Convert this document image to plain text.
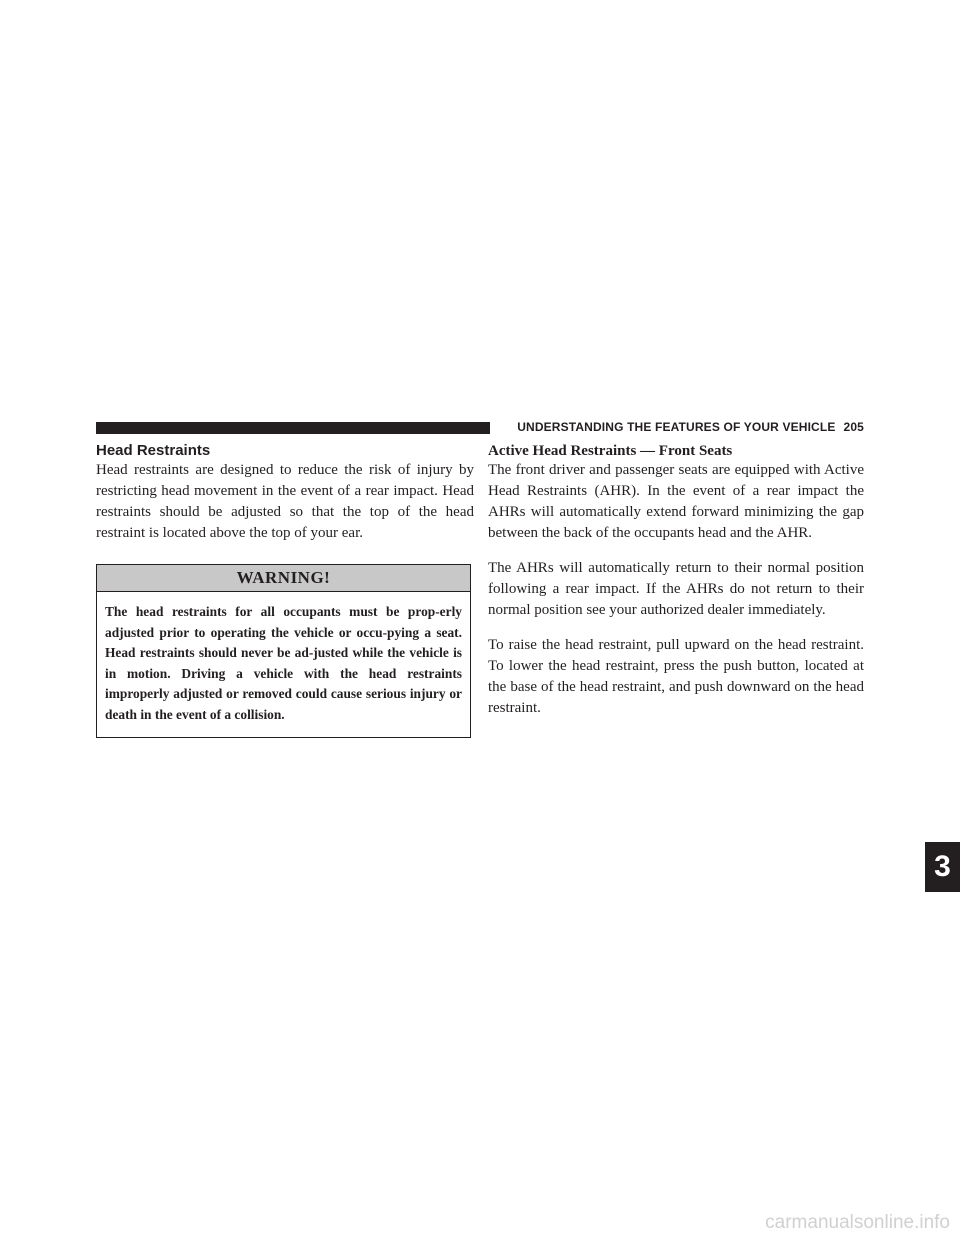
UNDERSTANDING THE FEATURES OF YOUR VEHICLE 205
Head Restraints

Head restraints are designed to reduce the risk of injury by restricting head movement in the event of a rear impact. Head restraints should be adjusted so that the top of the head restraint is located above the top of your ear.

WARNING!
The head restraints for all occupants must be prop-erly adjusted prior to operating the vehicle or occu-pying a seat. Head restraints should never be ad-justed while the vehicle is in motion. Driving a vehicle with the head restraints improperly adjusted or removed could cause serious injury or death in the event of a collision.
Active Head Restraints — Front Seats

The front driver and passenger seats are equipped with Active Head Restraints (AHR). In the event of a rear impact the AHRs will automatically extend forward minimizing the gap between the back of the occupants head and the AHR.

The AHRs will automatically return to their normal position following a rear impact. If the AHRs do not return to their normal position see your authorized dealer immediately.

To raise the head restraint, pull upward on the head restraint. To lower the head restraint, press the push button, located at the base of the head restraint, and push downward on the head restraint.

3
carmanualsonline.info
